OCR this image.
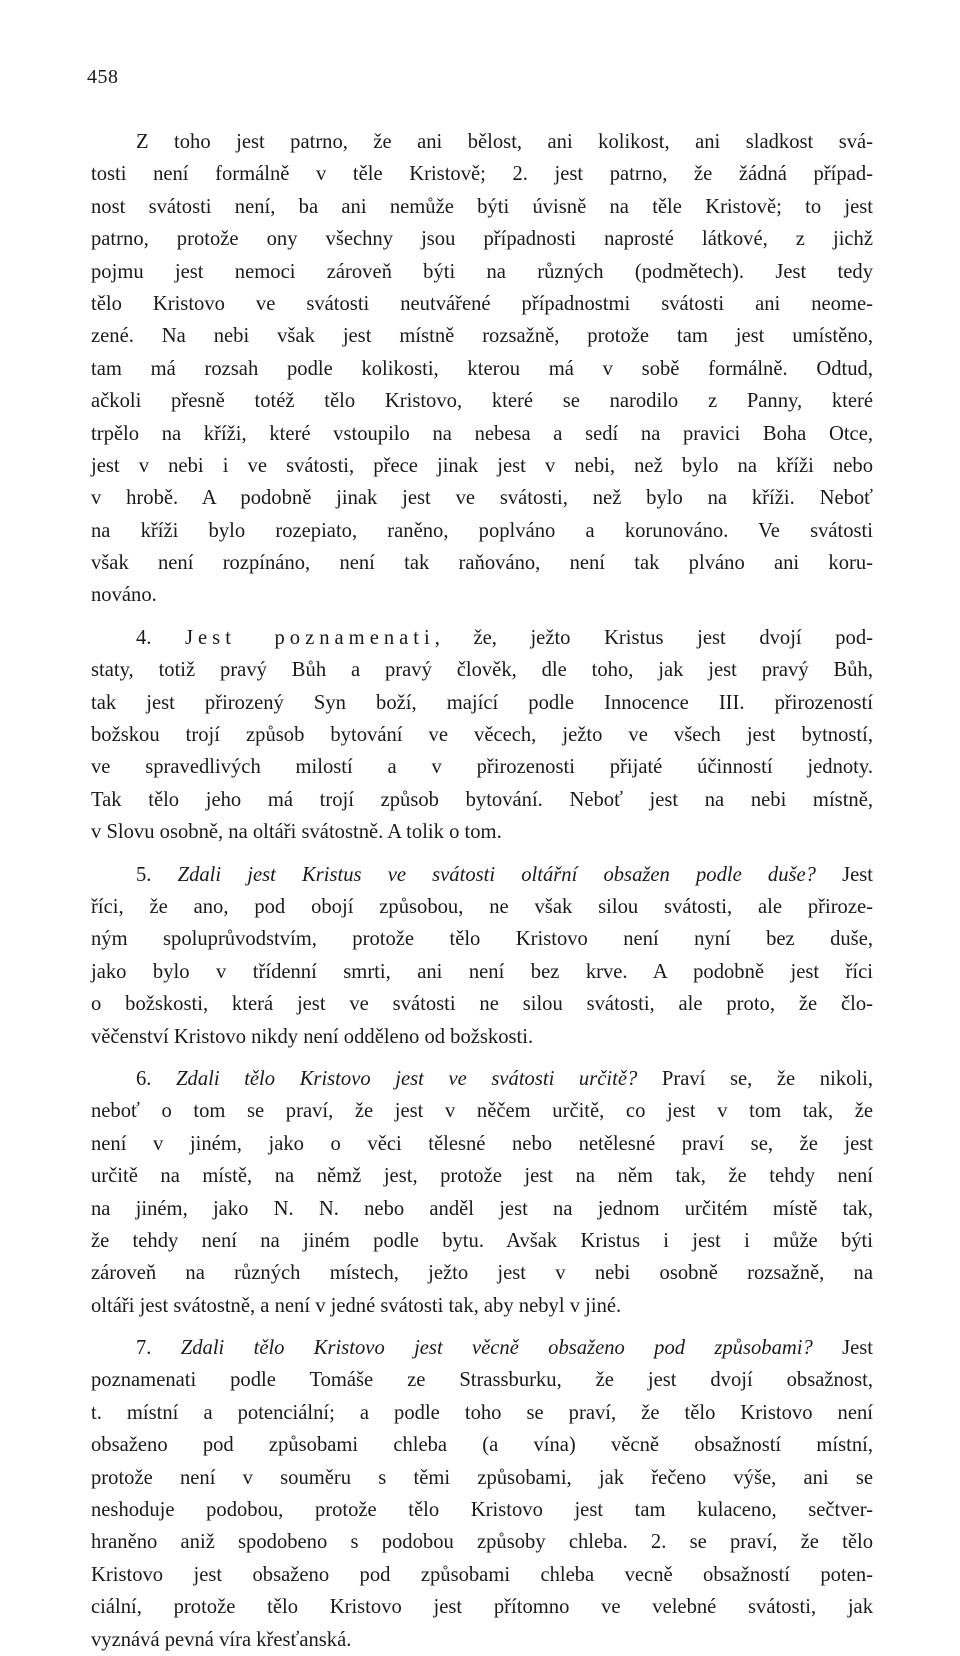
458
Z toho jest patrno, že ani bělost, ani kolikost, ani sladkost svá-
tosti není formálně v těle Kristově; 2. jest patrno, že žádná případ-
nost svátosti není, ba ani nemůže býti úvisně na těle Kristově; to jest
patrno, protože ony všechny jsou případnosti naprosté látkové, z jichž
pojmu jest nemoci zároveň býti na různých (podmětech). Jest tedy
tělo Kristovo ve svátosti neutvářené případnostmi svátosti ani neome-
zené. Na nebi však jest místně rozsažně, protože tam jest umístěno,
tam má rozsah podle kolikosti, kterou má v sobě formálně. Odtud,
ačkoli přesně totéž tělo Kristovo, které se narodilo z Panny, které
trpělo na kříži, které vstoupilo na nebesa a sedí na pravici Boha Otce,
jest v nebi i ve svátosti, přece jinak jest v nebi, než bylo na kříži nebo
v hrobě. A podobně jinak jest ve svátosti, než bylo na kříži. Neboť
na kříži bylo rozepiato, raněno, poplváno a korunováno. Ve svátosti
však není rozpínáno, není tak raňováno, není tak plváno ani koru-
nováno.
4. Jest poznamenati, že, ježto Kristus jest dvojí pod-
staty, totiž pravý Bůh a pravý člověk, dle toho, jak jest pravý Bůh,
tak jest přirozený Syn boží, mající podle Innocence III. přirozeností
božskou trojí způsob bytování ve věcech, ježto ve všech jest bytností,
ve spravedlivých milostí a v přirozenosti přijaté účinností jednoty.
Tak tělo jeho má trojí způsob bytování. Neboť jest na nebi místně,
v Slovu osobně, na oltáři svátostně. A tolik o tom.
5. Zdali jest Kristus ve svátosti oltářní obsažen podle duše? Jest
říci, že ano, pod obojí způsobou, ne však silou svátosti, ale přiroze-
ným spoluprůvodstvím, protože tělo Kristovo není nyní bez duše,
jako bylo v třídenní smrti, ani není bez krve. A podobně jest říci
o božskosti, která jest ve svátosti ne silou svátosti, ale proto, že člo-
věčenství Kristovo nikdy není odděleno od božskosti.
6. Zdali tělo Kristovo jest ve svátosti určitě? Praví se, že nikoli,
neboť o tom se praví, že jest v něčem určitě, co jest v tom tak, že
není v jiném, jako o věci tělesné nebo netělesné praví se, že jest
určitě na místě, na němž jest, protože jest na něm tak, že tehdy není
na jiném, jako N. N. nebo anděl jest na jednom určitém místě tak,
že tehdy není na jiném podle bytu. Avšak Kristus i jest i může býti
zároveň na různých místech, ježto jest v nebi osobně rozsažně, na
oltáři jest svátostně, a není v jedné svátosti tak, aby nebyl v jiné.
7. Zdali tělo Kristovo jest věcně obsaženo pod způsobami? Jest
poznamenati podle Tomáše ze Strassburku, že jest dvojí obsažnost,
t. místní a potenciální; a podle toho se praví, že tělo Kristovo není
obsaženo pod způsobami chleba (a vína) věcně obsažností místní,
protože není v souměru s těmi způsobami, jak řečeno výše, ani se
neshoduje podobou, protože tělo Kristovo jest tam kulaceno, sečtver-
hraněno aniž spodobeno s podobou způsoby chleba. 2. se praví, že tělo
Kristovo jest obsaženo pod způsobami chleba vecně obsažností poten-
ciální, protože tělo Kristovo jest přítomno ve velebné svátosti, jak
vyznává pevná víra křesťanská.
